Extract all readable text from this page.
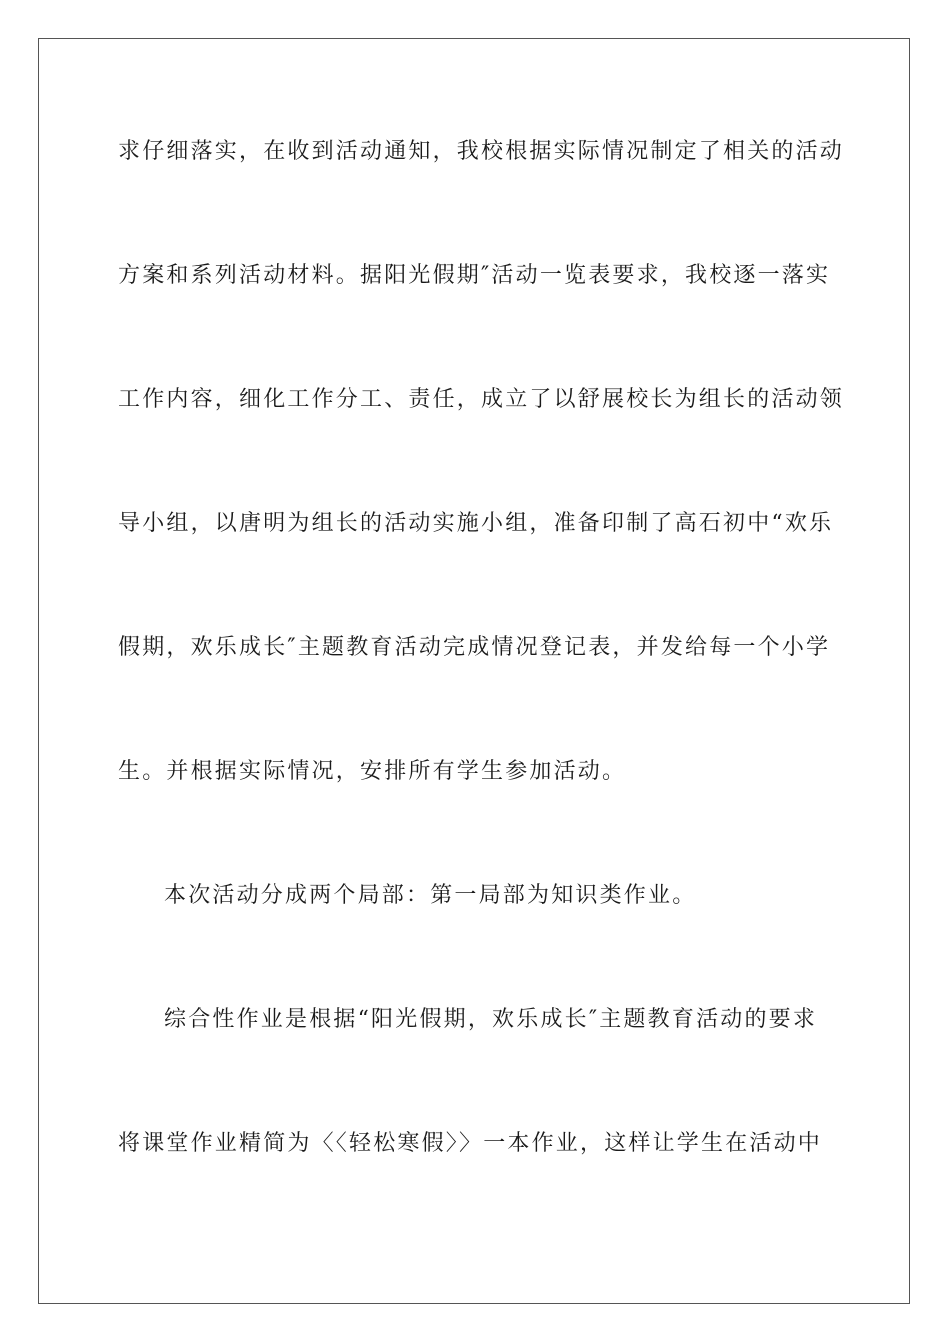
求仔细落实，在收到活动通知，我校根据实际情况制定了相关的活动

方案和系列活动材料。据阳光假期″活动一览表要求，我校逐一落实

工作内容，细化工作分工、责任，成立了以舒展校长为组长的活动领

导小组，以唐明为组长的活动实施小组，准备印制了高石初中“欢乐

假期，欢乐成长″主题教育活动完成情况登记表，并发给每一个小学

生。并根据实际情况，安排所有学生参加活动。

本次活动分成两个局部：第一局部为知识类作业。

综合性作业是根据“阳光假期，欢乐成长″主题教育活动的要求

将课堂作业精简为〈〈轻松寒假〉〉一本作业，这样让学生在活动中
